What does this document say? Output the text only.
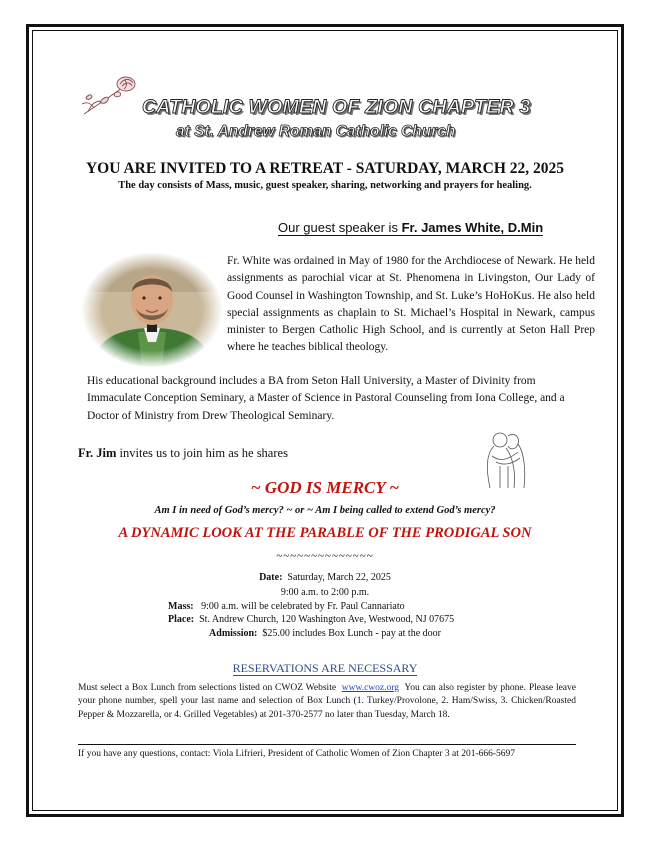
CATHOLIC WOMEN OF ZION CHAPTER 3
at St. Andrew Roman Catholic Church
YOU ARE INVITED TO A RETREAT - SATURDAY, MARCH 22, 2025
The day consists of Mass, music, guest speaker, sharing, networking and prayers for healing.
Our guest speaker is Fr. James White, D.Min
Fr. White was ordained in May of 1980 for the Archdiocese of Newark. He held assignments as parochial vicar at St. Phenomena in Livingston, Our Lady of Good Counsel in Washington Township, and St. Luke’s HoHoKus. He also held special assignments as chaplain to St. Michael’s Hospital in Newark, campus minister to Bergen Catholic High School, and is currently at Seton Hall Prep where he teaches biblical theology.
His educational background includes a BA from Seton Hall University, a Master of Divinity from Immaculate Conception Seminary, a Master of Science in Pastoral Counseling from Iona College, and a Doctor of Ministry from Drew Theological Seminary.
Fr. Jim invites us to join him as he shares
~ GOD IS MERCY ~
Am I in need of God’s mercy? ~ or ~ Am I being called to extend God’s mercy?
A DYNAMIC LOOK AT THE PARABLE OF THE PRODIGAL SON
~~~~~~~~~~~~~~
Date:  Saturday, March 22, 2025
9:00 a.m. to 2:00 p.m.
Mass:   9:00 a.m. will be celebrated by Fr. Paul Cannariato
Place:  St. Andrew Church, 120 Washington Ave, Westwood, NJ 07675
Admission:  $25.00 includes Box Lunch - pay at the door
RESERVATIONS ARE NECESSARY
Must select a Box Lunch from selections listed on CWOZ Website  www.cwoz.org  You can also register by phone. Please leave your phone number, spell your last name and selection of Box Lunch (1. Turkey/Provolone, 2. Ham/Swiss, 3. Chicken/Roasted Pepper & Mozzarella, or 4. Grilled Vegetables) at 201-370-2577 no later than Tuesday, March 18.
If you have any questions, contact: Viola Lifrieri, President of Catholic Women of Zion Chapter 3 at 201-666-5697
